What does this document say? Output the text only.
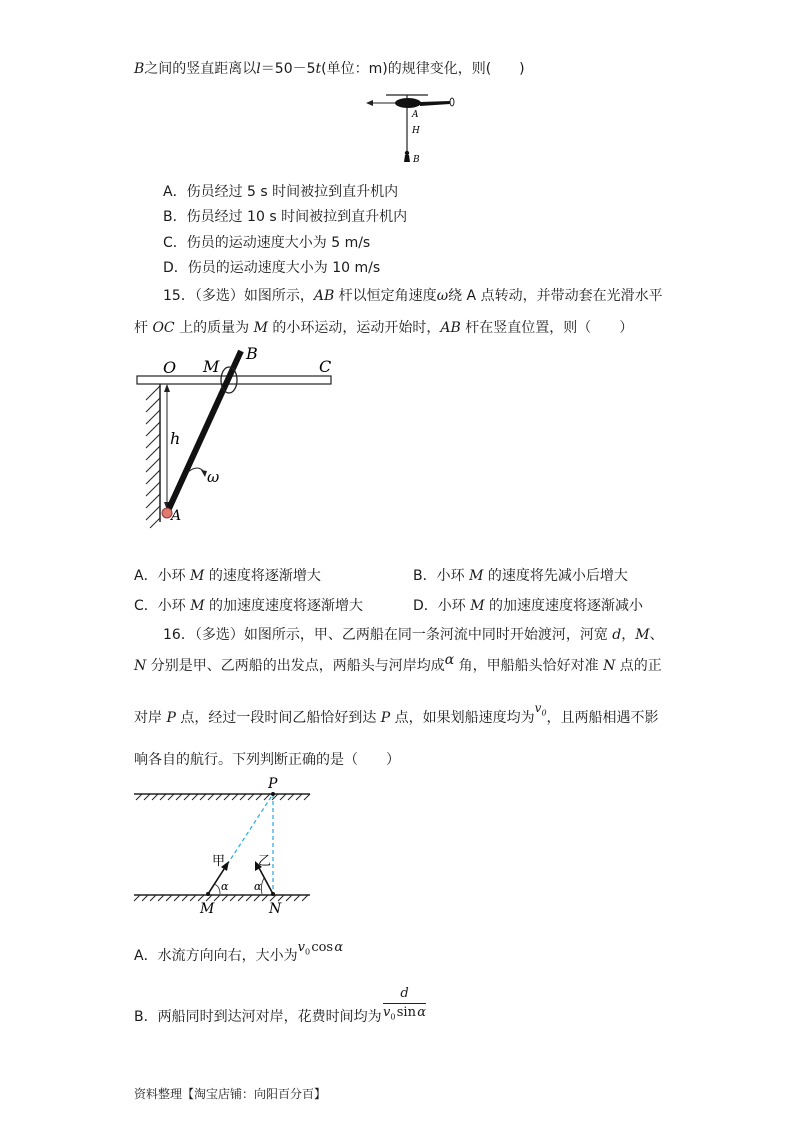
B之间的竖直距离以l＝50－5t(单位：m)的规律变化，则(　　)
A
H
B
A．伤员经过 5 s 时间被拉到直升机内
B．伤员经过 10 s 时间被拉到直升机内
C．伤员的运动速度大小为 5 m/s
D．伤员的运动速度大小为 10 m/s
15．（多选）如图所示，AB 杆以恒定角速度ω绕 A 点转动，并带动套在光滑水平
杆 OC 上的质量为 M 的小环运动，运动开始时，AB 杆在竖直位置，则（　　）
h
ω
A
O M
B
C
A．小环 M 的速度将逐渐增大	B．小环 M 的速度将先减小后增大
C．小环 M 的加速度速度将逐渐增大	D．小环 M 的加速度速度将逐渐减小
16．（多选）如图所示，甲、乙两船在同一条河流中同时开始渡河，河宽 d，M、
N 分别是甲、乙两船的出发点，两船头与河岸均成α 角，甲船船头恰好对准 N 点的正
对岸 P 点，经过一段时间乙船恰好到达 P 点，如果划船速度均为$v_0$，且两船相遇不影
响各自的航行。下列判断正确的是（　　）
P
甲	乙
α α
M	N
A．水流方向向右，大小为$v_0$ cos α
B．两船同时到达河对岸，花费时间均为 $\frac{d}{v_0 \sin \alpha}$
资料整理【淘宝店铺：向阳百分百】
